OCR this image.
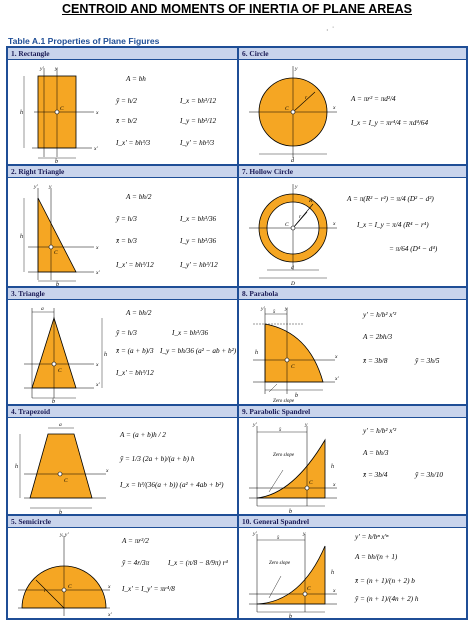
CENTROID AND MOMENTS OF INERTIA OF PLANE AREAS
· ˙
Table A.1 Properties of Plane Figures
1. Rectangle
h
b
y' y
C
x
x'
A = bh
ȳ = h/2
x̄ = b/2
I_x = bh³/12
I_y = hb³/12
I_x' = bh³/3	I_y' = hb³/3
6. Circle
y
x
r
C
d
A = πr² = πd²/4
I_x = I_y = πr⁴/4 = πd⁴/64
2. Right Triangle
h
b
y' y
C
x
x'
A = bh/2
ȳ = h/3
x̄ = b/3
I_x = bh³/36
I_y = hb³/36
I_x' = bh³/12	I_y' = hb³/12
7. Hollow Circle
y
x
R
r
C
d
D
A = π(R² − r²) = π/4 (D² − d²)
I_x = I_y = π/4 (R⁴ − r⁴)
= π/64 (D⁴ − d⁴)
3. Triangle
a
b
h
C
x
x'
A = bh/2
ȳ = h/3
x̄ = (a + b)/3
I_x = bh³/36
I_y = bh/36 (a² − ab + b²)
I_x' = bh³/12
8. Parabola
y'	y
x̄
C
x
x'
h
b
Zero slope
y' = h/b² x'²
A = 2bh/3
x̄ = 3b/8	ȳ = 3h/5
4. Trapezoid
a
b
h
C
x
A = (a + b)h / 2
ȳ = 1/3 (2a + b)/(a + b) h
I_x = h³/(36(a + b)) (a² + 4ab + b²)
9. Parabolic Spandrel
y'	y
x̄
C	x
h
b
Zero slope
y' = h/b² x'²
A = bh/3
x̄ = 3b/4	ȳ = 3h/10
5. Semicircle
y, y'
r
C	x
x'
A = πr²/2
ȳ = 4r/3π	I_x = (π/8 − 8/9π) r⁴
I_x' = I_y' = πr⁴/8
10. General Spandrel
y'	y
x̄
C	x
h
b
Zero slope
y' = h/bⁿ x'ⁿ
A = bh/(n + 1)
x̄ = (n + 1)/(n + 2) b
ȳ = (n + 1)/(4n + 2) h
